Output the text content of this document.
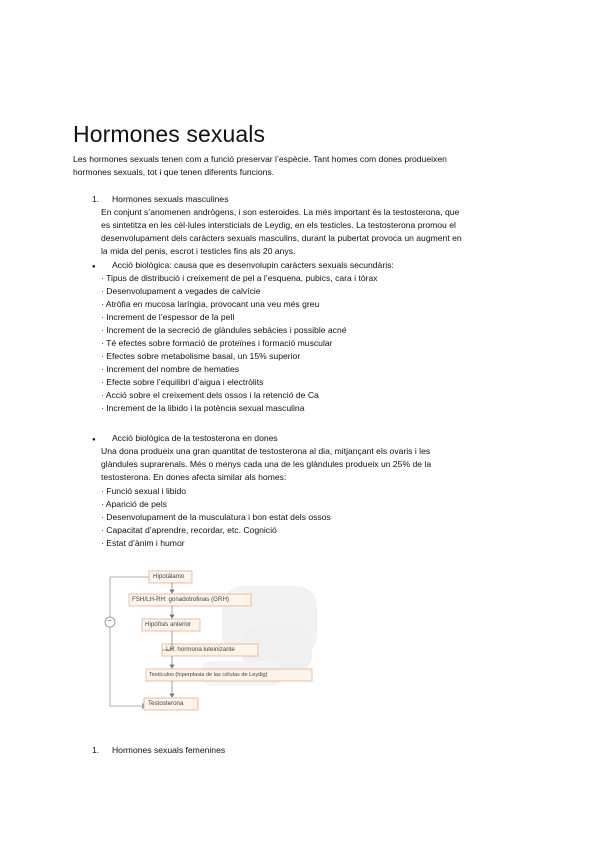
Hormones sexuals
Les hormones sexuals tenen com a funció preservar l’espècie. Tant homes com dones produeixen
hormones sexuals, tot i que tenen diferents funcions.
1. Hormones sexuals masculines
En conjunt s’anomenen andrògens, i son esteroides. La més important és la testosterona, que
es sintetitza en les cèl·lules intersticials de Leydig, en els testicles. La testosterona promou el
desenvolupament dels caràcters sexuals masculins, durant la pubertat provoca un augment en
la mida del penis, escrot i testicles fins als 20 anys.
● Acció biològica: causa que es desenvolupin caràcters sexuals secundàris:
· Tipus de distribució i creixement de pel a l’esquena, pubics, cara i tòrax
· Desenvolupament a vegades de calvície
· Atròfia en mucosa laríngia, provocant una veu més greu
· Increment de l’espessor de la pell
· Increment de la secreció de glàndules sebàcies i possible acné
· Té efectes sobre formació de proteïnes i formació muscular
· Efectes sobre metabolisme basal, un 15% superior
· Increment del nombre de hematies
· Efecte sobre l’equilibri d’aigua i electròlits
· Acció sobre el creixement dels ossos i la retenció de Ca
· Increment de la libido i la potència sexual masculina
● Acció biològica de la testosterona en dones
Una dona produeix una gran quantitat de testosterona al dia, mitjançant els ovaris i les
glàndules suprarenals. Més o menys cada una de les glàndules produeix un 25% de la
testosterona. En dones afecta similar als homes:
· Funció sexual i libido
· Aparició de pels
· Desenvolupament de la musculatura i bon estat dels ossos
· Capacitat d’aprendre, recordar, etc. Cognició
· Estat d’ànim i humor
Hipotálamo
FSH/LH-RH: gonadotrofinas (GRH)
Hipófisis anterior
LH: hormona luteinizante
Testículos (hiperplasia de las células de Leydig)
Testosterona
−
1. Hormones sexuals femenines
